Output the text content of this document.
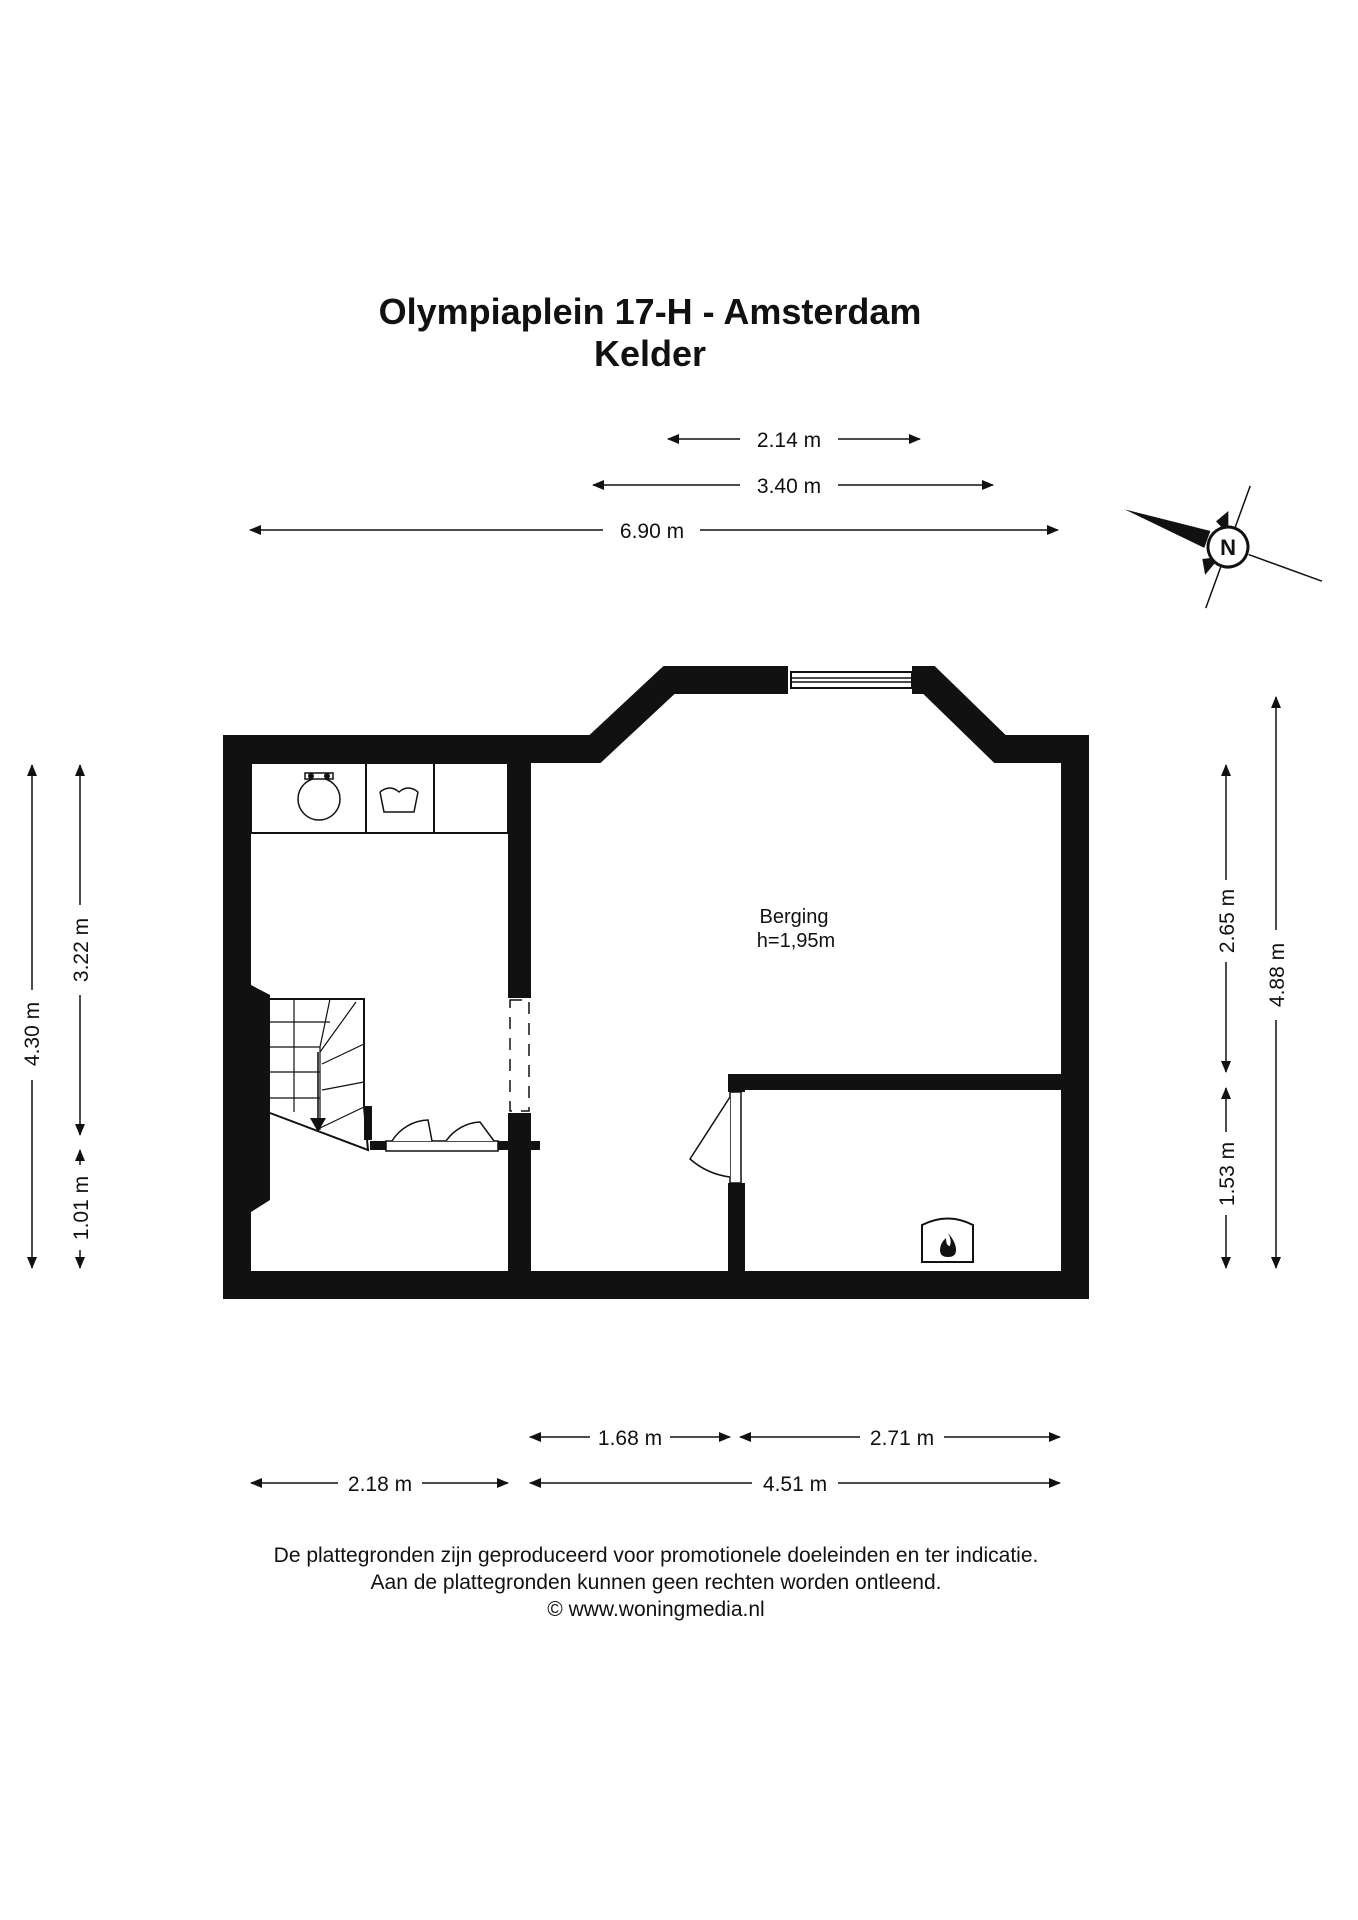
Olympiaplein 17-H - Amsterdam
Kelder
2.14 m
3.40 m
6.90 m
N
Berging
h=1,95m
4.30 m
3.22 m
1.01 m
2.65 m
4.88 m
1.53 m
1.68 m	2.71 m
2.18 m	4.51 m
De plattegronden zijn geproduceerd voor promotionele doeleinden en ter indicatie.
Aan de plattegronden kunnen geen rechten worden ontleend.
© www.woningmedia.nl
